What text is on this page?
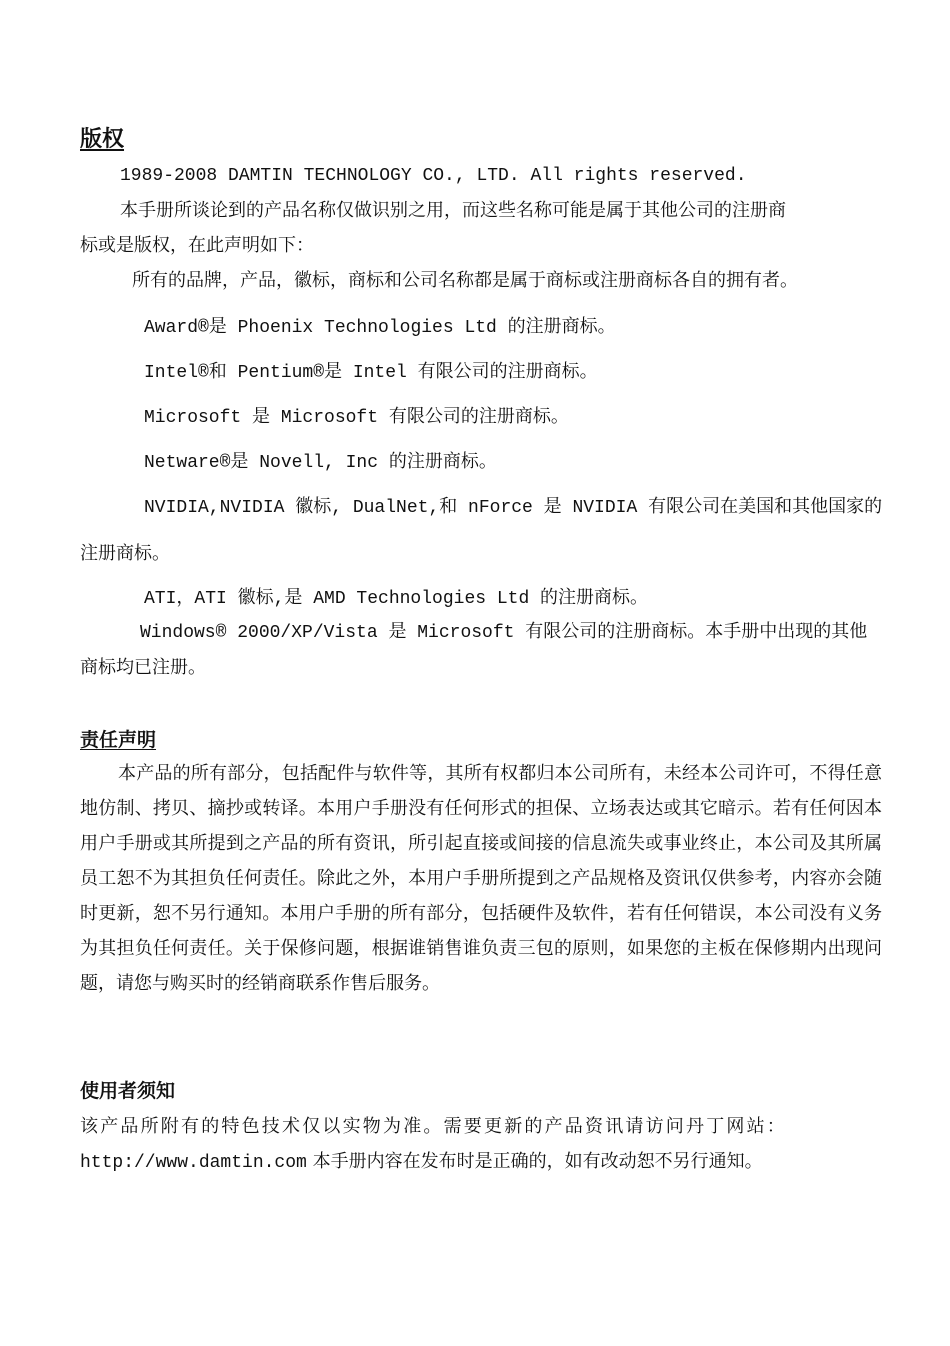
版权
1989-2008 DAMTIN TECHNOLOGY CO., LTD. All rights reserved.
本手册所谈论到的产品名称仅做识别之用，而这些名称可能是属于其他公司的注册商
标或是版权，在此声明如下：
所有的品牌，产品，徽标，商标和公司名称都是属于商标或注册商标各自的拥有者。
Award®是 Phoenix Technologies Ltd 的注册商标。
Intel®和 Pentium®是 Intel 有限公司的注册商标。
Microsoft 是 Microsoft 有限公司的注册商标。
Netware®是 Novell, Inc 的注册商标。
NVIDIA,NVIDIA 徽标, DualNet,和 nForce 是 NVIDIA 有限公司在美国和其他国家的
注册商标。
ATI，ATI 徽标,是 AMD Technologies Ltd 的注册商标。
Windows® 2000/XP/Vista 是 Microsoft 有限公司的注册商标。本手册中出现的其他
商标均已注册。
责任声明
本产品的所有部分，包括配件与软件等，其所有权都归本公司所有，未经本公司许可，不得任意地仿制、拷贝、摘抄或转译。本用户手册没有任何形式的担保、立场表达或其它暗示。若有任何因本用户手册或其所提到之产品的所有资讯，所引起直接或间接的信息流失或事业终止，本公司及其所属员工恕不为其担负任何责任。除此之外，本用户手册所提到之产品规格及资讯仅供参考，内容亦会随时更新，恕不另行通知。本用户手册的所有部分，包括硬件及软件，若有任何错误，本公司没有义务为其担负任何责任。关于保修问题，根据谁销售谁负责三包的原则，如果您的主板在保修期内出现问题，请您与购买时的经销商联系作售后服务。
使用者须知
该产品所附有的特色技术仅以实物为准。需要更新的产品资讯请访问丹丁网站：
http://www.damtin.com 本手册内容在发布时是正确的，如有改动恕不另行通知。
